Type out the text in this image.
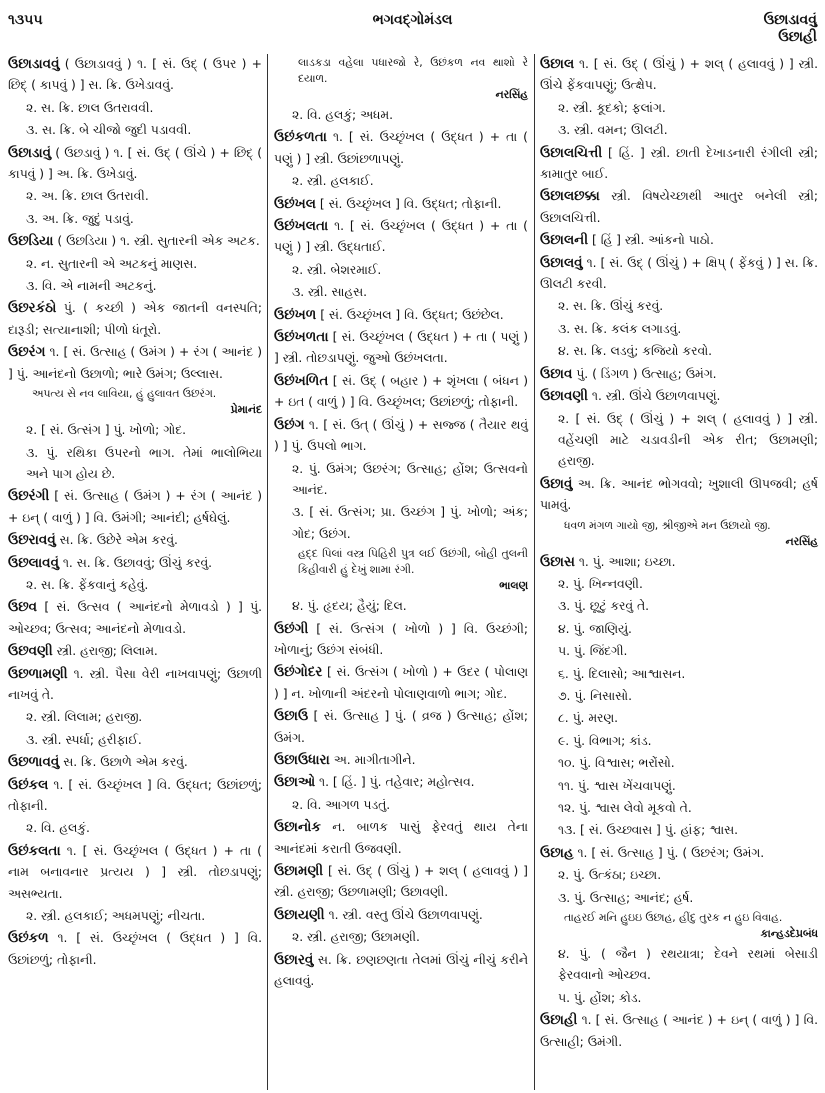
૧૩૫૫	ભગવદ્ગોમંડલ	ઉછાડાવવું
ઉછાહી
ઉછાડાવવું ( ઉછાડાવવું ) ૧. [ સં. ઉદ્ ( ઉપર ) + છિદ્ ( કાપવું ) ] સ. ક્રિ. ઉખેડાવવું.
૨. સ. ક્રિ. છાલ ઉતરાવવી.
૩. સ. ક્રિ. બે ચીજો જુદી પડાવવી.
ઉછાડાવું ( ઉછડાવું ) ૧. [ સં. ઉદ્ ( ઊંચે ) + છિદ્ ( કાપવું ) ] અ. ક્રિ. ઉખેડાવું.
૨. અ. ક્રિ. છાલ ઉતરાવી.
૩. અ. ક્રિ. જુદું પડાવું.
ઉછડિયા ( ઉછડિયા ) ૧. સ્ત્રી. સુતારની એક અટક.
૨. ન. સુતારની એ અટકનું માણસ.
૩. વિ. એ નામની અટકનું.
ઉછરકંઠો પું. ( કચ્છી ) એક જાતની વનસ્પતિ; દારૂડી; સત્યાનાશી; પીળો ધંતૂરો.
ઉછરંગ ૧. [ સં. ઉત્સાહ ( ઉમંગ ) + રંગ ( આનંદ ) ] પું. આનંદનો ઉછાળો; ભારે ઉમંગ; ઉલ્લાસ.
અપત્ય સે નવ લાવિયા, હું હુલાવત ઉછરંગ.
પ્રેમાનંદ
૨. [ સં. ઉત્સંગ ] પું. ખોળો; ગોદ.
૩. પું. રથિકા ઉપરનો ભાગ. તેમાં ભાલોભિયા અને પાગ હોય છે.
ઉછરંગી [ સં. ઉત્સાહ ( ઉમંગ ) + રંગ ( આનંદ ) + ઇન્ ( વાળું ) ] વિ. ઉમંગી; આનંદી; હર્ષઘેલું.
ઉછરાવવું સ. ક્રિ. ઉછેરે એમ કરવું.
ઉછલાવવું ૧. સ. ક્રિ. ઉછાવવું; ઊંચું કરવું.
૨. સ. ક્રિ. ફેંકવાનું કહેવું.
ઉછવ [ સં. ઉત્સવ ( આનંદનો મેળાવડો ) ] પું. ઓચ્છવ; ઉત્સવ; આનંદનો મેળાવડો.
ઉછવણી સ્ત્રી. હરાજી; લિલામ.
ઉછળામણી ૧. સ્ત્રી. પૈસા વેરી નાખવાપણું; ઉછાળી નાખવું તે.
૨. સ્ત્રી. લિલામ; હરાજી.
૩. સ્ત્રી. સ્પર્ધા; હરીફાઈ.
ઉછળાવવું સ. ક્રિ. ઉછાળે એમ કરવું.
ઉછંકલ ૧. [ સં. ઉચ્છૃંખલ ] વિ. ઉદ્ધત; ઉછાંછળું; તોફાની.
૨. વિ. હલકું.
ઉછંકલતા ૧. [ સં. ઉચ્છૃંખલ ( ઉદ્ધત ) + તા ( નામ બનાવનાર પ્રત્યય ) ] સ્ત્રી. તોછડાપણું; અસભ્યતા.
૨. સ્ત્રી. હલકાઈ; અધમપણું; નીચતા.
ઉછંકળ ૧. [ સં. ઉચ્છૃંખલ ( ઉદ્ધત ) ] વિ. ઉછાંછળું; તોફાની.
લાડકડા વહેલા પધારજો રે, ઉછંકળ નવ થાશો રે દયાળ.
નરસિંહ
૨. વિ. હલકું; અધમ.
ઉછંકળતા ૧. [ સં. ઉચ્છૃંખલ ( ઉદ્ધત ) + તા ( પણું ) ] સ્ત્રી. ઉછાંછળાપણું.
૨. સ્ત્રી. હલકાઈ.
ઉછંખલ [ સં. ઉચ્છૃંખલ ] વિ. ઉદ્ધત; તોફાની.
ઉછંખલતા ૧. [ સં. ઉચ્છૃંખલ ( ઉદ્ધત ) + તા ( પણું ) ] સ્ત્રી. ઉદ્ધતાઈ.
૨. સ્ત્રી. બેશરમાઈ.
૩. સ્ત્રી. સાહસ.
ઉછંખળ [ સં. ઉચ્છૃંખલ ] વિ. ઉદ્ધત; ઉછંછેલ.
ઉછંખળતા [ સં. ઉચ્છૃંખલ ( ઉદ્ધત ) + તા ( પણું ) ] સ્ત્રી. તોછડાપણું. જુઓ ઉછંખલતા.
ઉછંખળિત [ સં. ઉદ્ ( બહાર ) + શૃંખલા ( બંધન ) + ઇત ( વાળું ) ] વિ. ઉચ્છૃંખલ; ઉછાંછળું; તોફાની.
ઉછંગ ૧. [ સં. ઉત્ ( ઊંચું ) + સજ્જ ( તૈયાર થવું ) ] પું. ઉપલો ભાગ.
૨. પું. ઉમંગ; ઉછરંગ; ઉત્સાહ; હોંશ; ઉત્સવનો આનંદ.
૩. [ સં. ઉત્સંગ; પ્રા. ઉચ્છંગ ] પું. ખોળો; અંક; ગોદ; ઉછંગ.
હદ્દ પિલાં વસ્ત્ર પિહિરી પુત્ર લઈ ઉછંગી, બોહી તુલની કિહીવારી હું દેખું શામા રંગી.
ભાલણ
૪. પું. હૃદય; હૈયું; દિલ.
ઉછંગી [ સં. ઉત્સંગ ( ખોળો ) ] વિ. ઉચ્છંગી; ખોળાનું; ઉછંગ સંબંધી.
ઉછંગોદર [ સં. ઉત્સંગ ( ખોળો ) + ઉદર ( પોલાણ ) ] ન. ખોળાની અંદરનો પોલાણવાળો ભાગ; ગોદ.
ઉછાઉ [ સં. ઉત્સાહ ] પું. ( વ્રજ ) ઉત્સાહ; હોંશ; ઉમંગ.
ઉછાઉધારા અ. માગીતાગીને.
ઉછાઓ ૧. [ હિં. ] પું. તહેવાર; મહોત્સવ.
૨. વિ. આગળ પડતું.
ઉછાનોક ન. બાળક પાસું ફેરવતું થાય તેના આનંદમાં કરાતી ઉજવણી.
ઉછામણી [ સં. ઉદ્ ( ઊંચું ) + શલ્ ( હલાવવું ) ] સ્ત્રી. હરાજી; ઉછળામણી; ઉછાવણી.
ઉછાયણી ૧. સ્ત્રી. વસ્તુ ઊંચે ઉછાળવાપણું.
૨. સ્ત્રી. હરાજી; ઉછામણી.
ઉછારવું સ. ક્રિ. છણછણતા તેલમાં ઊંચું નીચું કરીને હલાવવું.
ઉછાલ ૧. [ સં. ઉદ્ ( ઊંચું ) + શલ્ ( હલાવવું ) ] સ્ત્રી. ઊંચે ફેંકવાપણું; ઉત્ક્ષેપ.
૨. સ્ત્રી. કૂદકો; ફલાંગ.
૩. સ્ત્રી. વમન; ઊલટી.
ઉછાલચિત્તી [ હિં. ] સ્ત્રી. છાતી દેખાડનારી રંગીલી સ્ત્રી; કામાતુર બાઈ.
ઉછાલછક્કા સ્ત્રી. વિષયેચ્છાથી આતુર બનેલી સ્ત્રી; ઉછાલચિત્તી.
ઉછાલની [ હિં ] સ્ત્રી. આંકનો પાઠો.
ઉછાલવું ૧. [ સં. ઉદ્ ( ઊંચું ) + ક્ષિપ્ ( ફેંકવું ) ] સ. ક્રિ. ઊલટી કરવી.
૨. સ. ક્રિ. ઊંચું કરવું.
૩. સ. ક્રિ. કલંક લગાડવું.
૪. સ. ક્રિ. લડવું; કજિયો કરવો.
ઉછાવ પું. ( ડિંગળ ) ઉત્સાહ; ઉમંગ.
ઉછાવણી ૧. સ્ત્રી. ઊંચે ઉછાળવાપણું.
૨. [ સં. ઉદ્ ( ઊંચું ) + શલ્ ( હલાવવું ) ] સ્ત્રી. વહેંચણી માટે ચડાવડીની એક રીત; ઉછામણી; હરાજી.
ઉછાવું અ. ક્રિ. આનંદ ભોગવવો; ખુશાલી ઊપજવી; હર્ષ પામવું.
ધવળ મંગળ ગાયો જી, શ્રીજીએ મન ઉછાયો જી.
નરસિંહ
ઉછાસ ૧. પું. આશા; ઇચ્છા.
૨. પું. ખિન્નવણી.
૩. પું. છૂટું કરવું તે.
૪. પું. જાણિયું.
૫. પું. જિંદગી.
૬. પું. દિલાસો; આશ્વાસન.
૭. પું. નિસાસો.
૮. પું. મરણ.
૯. પું. વિભાગ; કાંડ.
૧૦. પું. વિશ્વાસ; ભરોંસો.
૧૧. પું. શ્વાસ ખેંચવાપણું.
૧૨. પું. શ્વાસ લેવો મૂકવો તે.
૧૩. [ સં. ઉચ્છ્વાસ ] પું. હાંફ; શ્વાસ.
ઉછાહ ૧. [ સં. ઉત્સાહ ] પું. ( ઉછરંગ; ઉમંગ.
૨. પું. ઉત્કંઠા; ઇચ્છા.
૩. પું. ઉત્સાહ; આનંદ; હર્ષ.
તાહરઈ મનિ હુઇઇ ઉછાહ, હીંદુ તુરક ન હુઇ વિવાહ.
કાન્હડદેપ્રબંધ
૪. પું. ( જૈન ) રથયાત્રા; દેવને રથમાં બેસાડી ફેરવવાનો ઓચ્છવ.
૫. પું. હોંશ; કોડ.
ઉછાહી ૧. [ સં. ઉત્સાહ ( આનંદ ) + ઇન્ ( વાળું ) ] વિ. ઉત્સાહી; ઉમંગી.
